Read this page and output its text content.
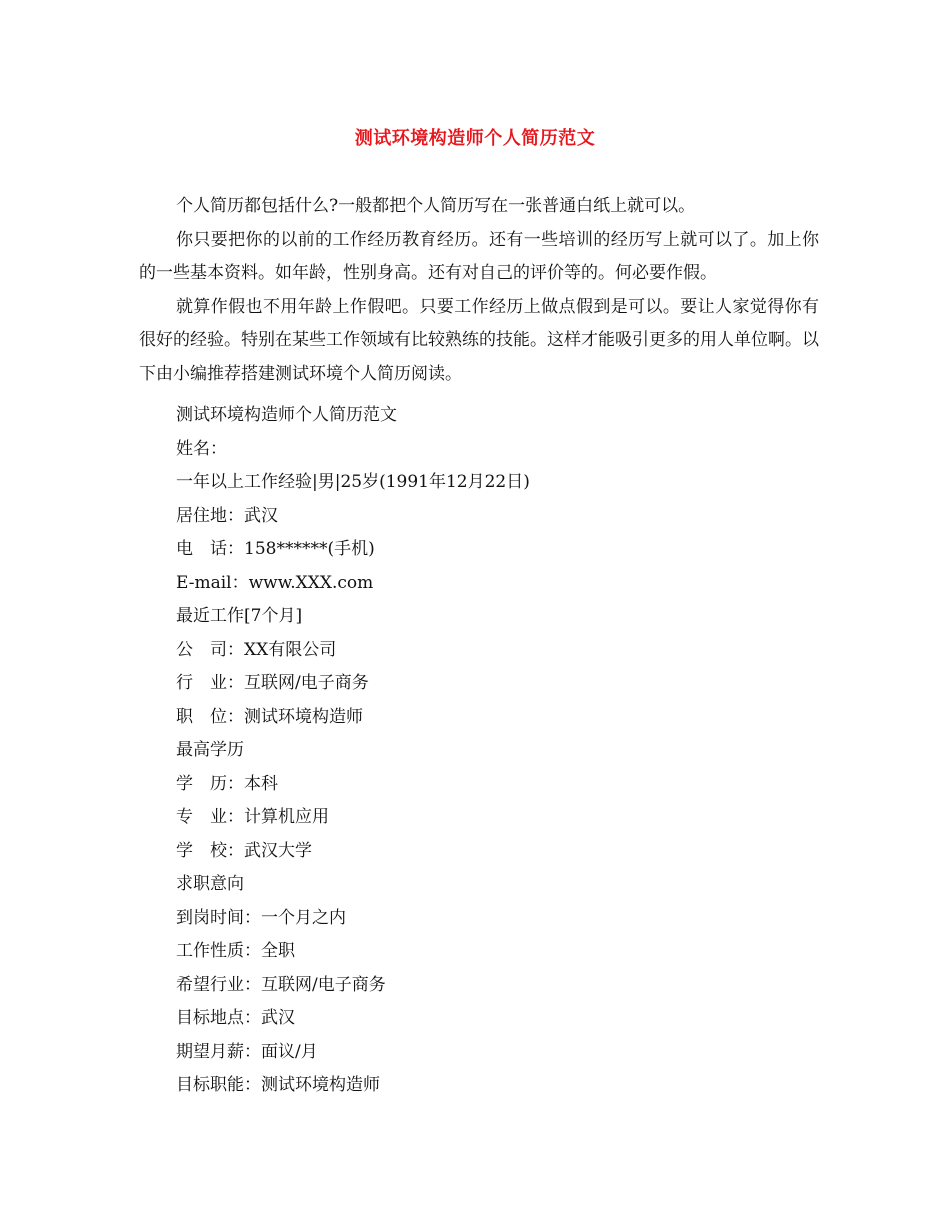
测试环境构造师个人简历范文

个人简历都包括什么?一般都把个人简历写在一张普通白纸上就可以。

你只要把你的以前的工作经历教育经历。还有一些培训的经历写上就可以了。加上你的一些基本资料。如年龄，性别身高。还有对自己的评价等的。何必要作假。

就算作假也不用年龄上作假吧。只要工作经历上做点假到是可以。要让人家觉得你有很好的经验。特别在某些工作领域有比较熟练的技能。这样才能吸引更多的用人单位啊。以下由小编推荐搭建测试环境个人简历阅读。

测试环境构造师个人简历范文
姓名：
一年以上工作经验|男|25岁(1991年12月22日)
居住地：武汉
电　话：158******(手机)
E-mail：www.XXX.com
最近工作[7个月]
公　司：XX有限公司
行　业：互联网/电子商务
职　位：测试环境构造师
最高学历
学　历：本科
专　业：计算机应用
学　校：武汉大学
求职意向
到岗时间：一个月之内
工作性质：全职
希望行业：互联网/电子商务
目标地点：武汉
期望月薪：面议/月
目标职能：测试环境构造师
